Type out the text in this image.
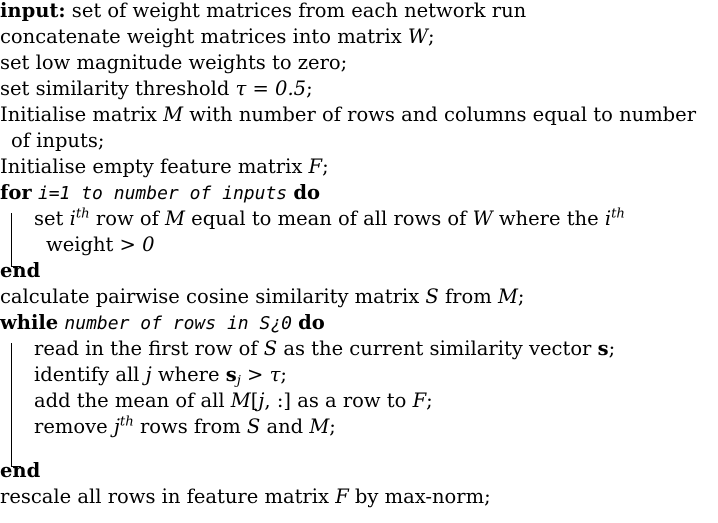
input: set of weight matrices from each network run
concatenate weight matrices into matrix W;
set low magnitude weights to zero;
set similarity threshold τ = 0.5;
Initialise matrix M with number of rows and columns equal to number
of inputs;
Initialise empty feature matrix F;
for i=1 to number of inputs do
set $i^{th}$ row of M equal to mean of all rows of W where the $i^{th}$
weight > 0
end
calculate pairwise cosine similarity matrix S from M;
while number of rows in S¿0 do
read in the first row of S as the current similarity vector s;
identify all j where $s_j > \tau$;
add the mean of all M[j, :] as a row to F;
remove $j^{th}$ rows from S and M;
end
rescale all rows in feature matrix F by max-norm;
